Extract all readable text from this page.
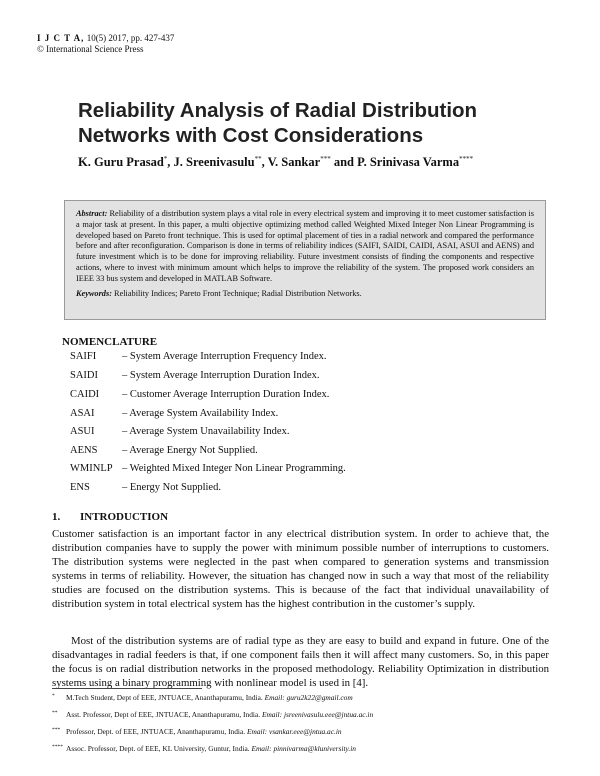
I J C T A, 10(5) 2017, pp. 427-437
© International Science Press
Reliability Analysis of Radial Distribution Networks with Cost Considerations
K. Guru Prasad*, J. Sreenivasulu**, V. Sankar*** and P. Srinivasa Varma****

Abstract: Reliability of a distribution system plays a vital role in every electrical system and improving it to meet customer satisfaction is a major task at present. In this paper, a multi objective optimizing method called Weighted Mixed Integer Non Linear Programming is developed based on Pareto front technique. This is used for optimal placement of ties in a radial network and compared the performance before and after reconfiguration. Comparison is done in terms of reliability indices (SAIFI, SAIDI, CAIDI, ASAI, ASUI and AENS) and future investment which is to be done for improving reliability. Future investment consists of finding the components and respective actions, where to invest with minimum amount which helps to improve the reliability of the system. The proposed work considers an IEEE 33 bus system and developed in MATLAB Software.

Keywords: Reliability Indices; Pareto Front Technique; Radial Distribution Networks.

NOMENCLATURE
SAIFI – System Average Interruption Frequency Index.
SAIDI – System Average Interruption Duration Index.
CAIDI – Customer Average Interruption Duration Index.
ASAI	– Average System Availability Index.
ASUI	– Average System Unavailability Index.
AENS – Average Energy Not Supplied.
WMINLP – Weighted Mixed Integer Non Linear Programming.
ENS	– Energy Not Supplied.
1. INTRODUCTION

Customer satisfaction is an important factor in any electrical distribution system. In order to achieve that, the distribution companies have to supply the power with minimum possible number of interruptions to customers. The distribution systems were neglected in the past when compared to generation systems and transmission systems in terms of reliability. However, the situation has changed now in such a way that most of the reliability studies are focused on the distribution systems. This is because of the fact that individual unavailability of distribution system in total electrical system has the highest contribution in the customer’s supply.

Most of the distribution systems are of radial type as they are easy to build and expand in future. One of the disadvantages in radial feeders is that, if one component fails then it will affect many customers. So, in this paper the focus is on radial distribution networks in the proposed methodology. Reliability Optimization in distribution systems using a binary programming with nonlinear model is used in [4].

* M.Tech Student, Dept of EEE, JNTUACE, Ananthapuramu, India. Email: guru2k22@gmail.com
** Asst. Professor, Dept of EEE, JNTUACE, Ananthapuramu, India. Email: jsreenivasulu.eee@jntua.ac.in
*** Professor, Dept. of EEE, JNTUACE, Ananthapuramu, India. Email: vsankar.eee@jntua.ac.in
**** Assoc. Professor, Dept. of EEE, KL University, Guntur, India. Email: pinnivarma@kluniversity.in
